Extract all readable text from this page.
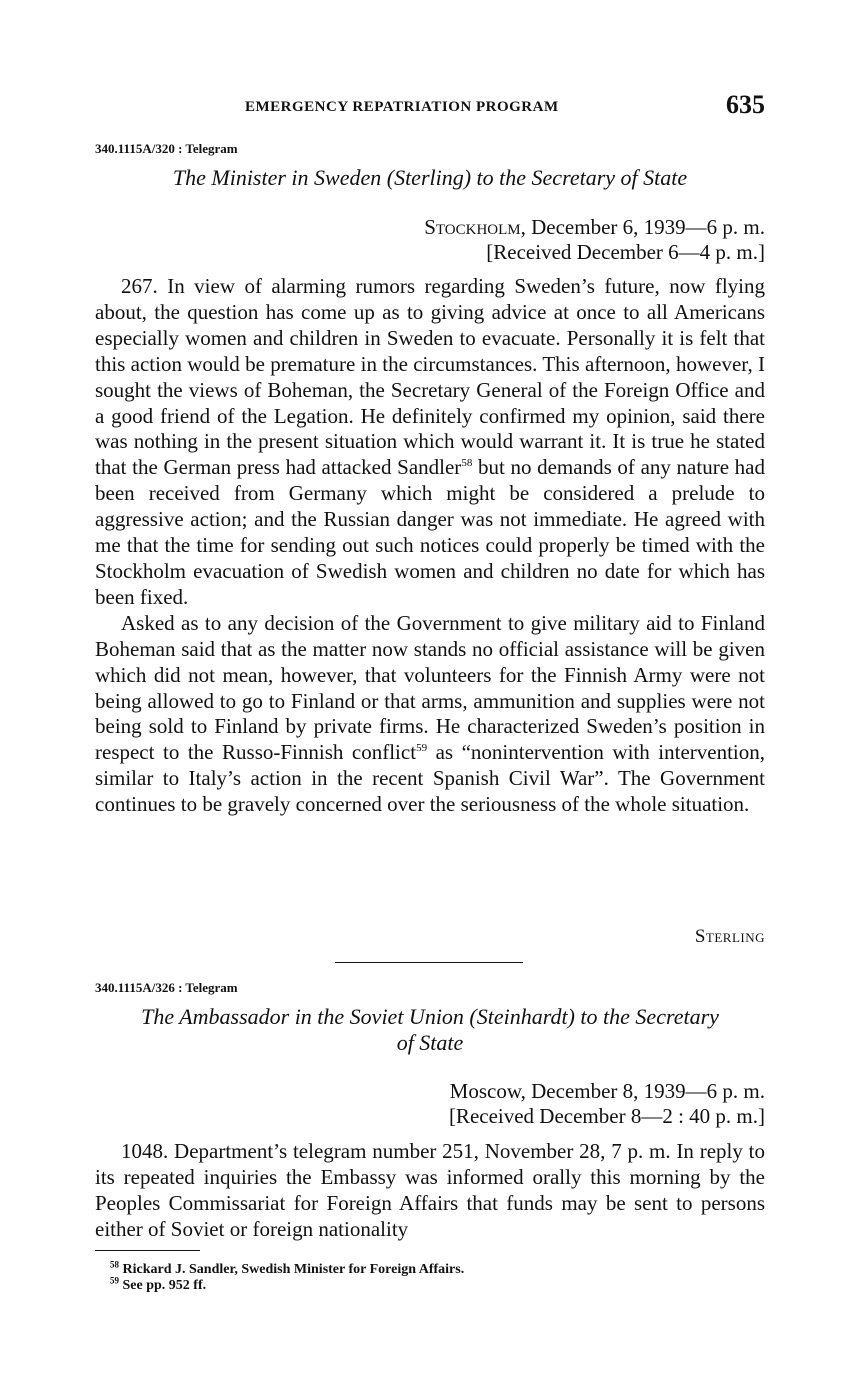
EMERGENCY REPATRIATION PROGRAM	635
340.1115A/320 : Telegram
The Minister in Sweden (Sterling) to the Secretary of State
Stockholm, December 6, 1939—6 p. m.
[Received December 6—4 p. m.]

267. In view of alarming rumors regarding Sweden’s future, now flying about, the question has come up as to giving advice at once to all Americans especially women and children in Sweden to evacuate. Personally it is felt that this action would be premature in the circumstances. This afternoon, however, I sought the views of Boheman, the Secretary General of the Foreign Office and a good friend of the Legation. He definitely confirmed my opinion, said there was nothing in the present situation which would warrant it. It is true he stated that the German press had attacked Sandler$^{58}$ but no demands of any nature had been received from Germany which might be considered a prelude to aggressive action; and the Russian danger was not immediate. He agreed with me that the time for sending out such notices could properly be timed with the Stockholm evacuation of Swedish women and children no date for which has been fixed.

Asked as to any decision of the Government to give military aid to Finland Boheman said that as the matter now stands no official assistance will be given which did not mean, however, that volunteers for the Finnish Army were not being allowed to go to Finland or that arms, ammunition and supplies were not being sold to Finland by private firms. He characterized Sweden’s position in respect to the Russo-Finnish conflict$^{59}$ as “nonintervention with intervention, similar to Italy’s action in the recent Spanish Civil War”. The Government continues to be gravely concerned over the seriousness of the whole situation.

Sterling
340.1115A/326 : Telegram
The Ambassador in the Soviet Union (Steinhardt) to the Secretary
of State
Moscow, December 8, 1939—6 p. m.
[Received December 8—2 : 40 p. m.]

1048. Department’s telegram number 251, November 28, 7 p. m. In reply to its repeated inquiries the Embassy was informed orally this morning by the Peoples Commissariat for Foreign Affairs that funds may be sent to persons either of Soviet or foreign nationality

$^{58}$ Rickard J. Sandler, Swedish Minister for Foreign Affairs.
$^{59}$ See pp. 952 ff.
